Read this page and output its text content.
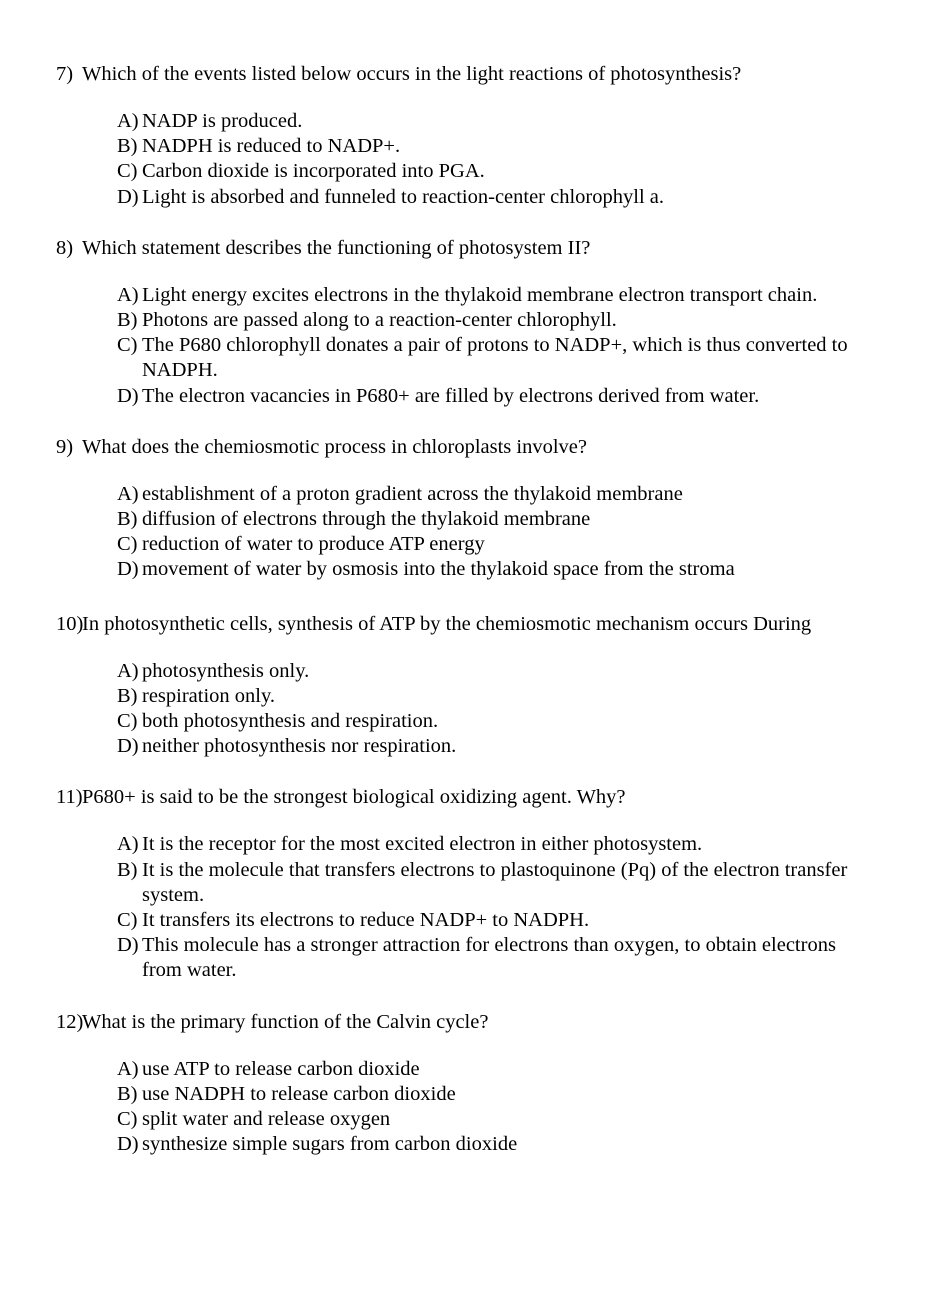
7) Which of the events listed below occurs in the light reactions of photosynthesis?
A) NADP is produced.
B) NADPH is reduced to NADP+.
C) Carbon dioxide is incorporated into PGA.
D) Light is absorbed and funneled to reaction-center chlorophyll a.
8) Which statement describes the functioning of photosystem II?
A) Light energy excites electrons in the thylakoid membrane electron transport chain.
B) Photons are passed along to a reaction-center chlorophyll.
C) The P680 chlorophyll donates a pair of protons to NADP+, which is thus converted to NADPH.
D) The electron vacancies in P680+ are filled by electrons derived from water.
9) What does the chemiosmotic process in chloroplasts involve?
A) establishment of a proton gradient across the thylakoid membrane
B) diffusion of electrons through the thylakoid membrane
C) reduction of water to produce ATP energy
D) movement of water by osmosis into the thylakoid space from the stroma
10)In photosynthetic cells, synthesis of ATP by the chemiosmotic mechanism occurs During
A) photosynthesis only.
B) respiration only.
C) both photosynthesis and respiration.
D) neither photosynthesis nor respiration.
11)P680+ is said to be the strongest biological oxidizing agent. Why?
A) It is the receptor for the most excited electron in either photosystem.
B) It is the molecule that transfers electrons to plastoquinone (Pq) of the electron transfer system.
C) It transfers its electrons to reduce NADP+ to NADPH.
D) This molecule has a stronger attraction for electrons than oxygen, to obtain electrons from water.
12)What is the primary function of the Calvin cycle?
A) use ATP to release carbon dioxide
B) use NADPH to release carbon dioxide
C) split water and release oxygen
D) synthesize simple sugars from carbon dioxide
